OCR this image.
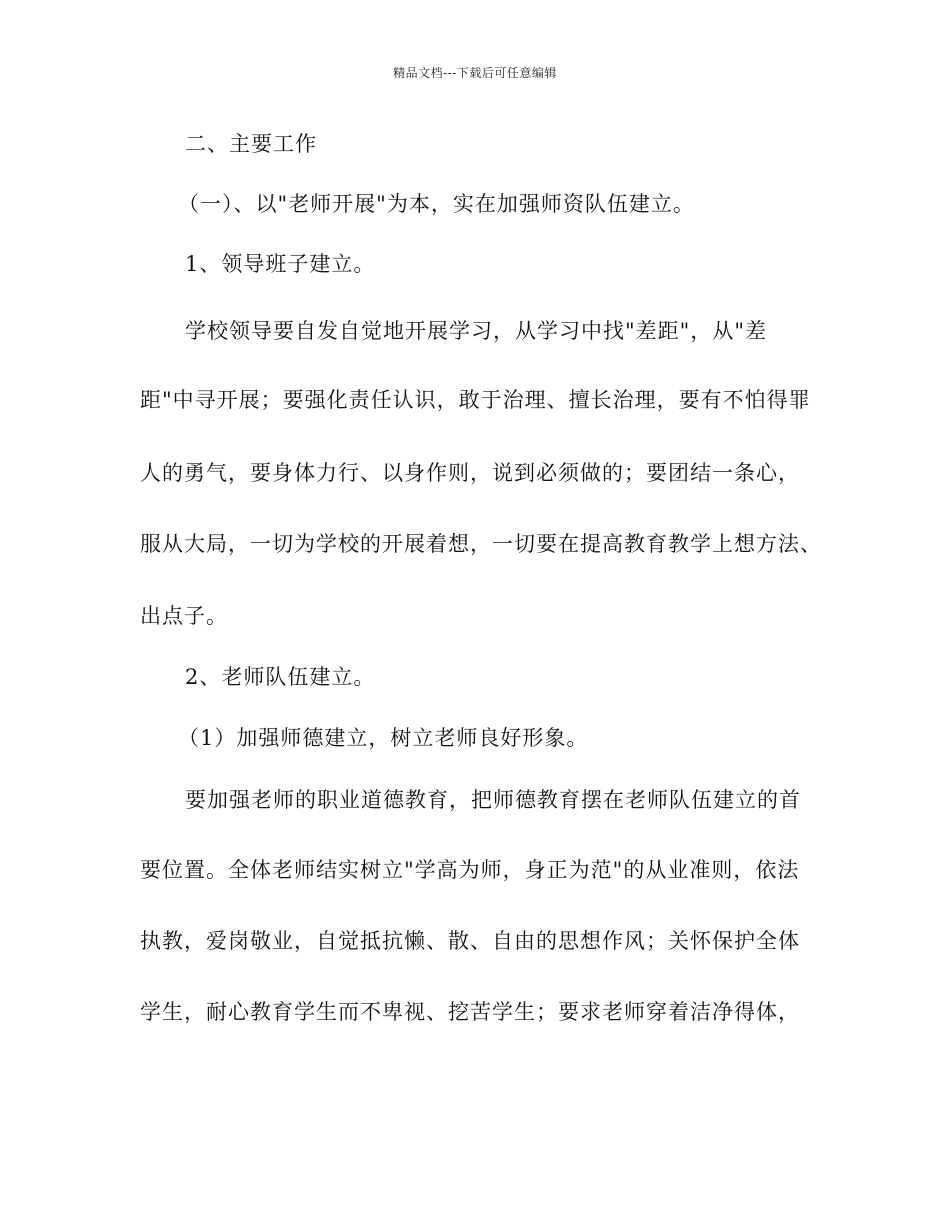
精品文档---下载后可任意编辑
二、主要工作
（一）、以"老师开展"为本，实在加强师资队伍建立。
1、领导班子建立。
学校领导要自发自觉地开展学习，从学习中找"差距"，从"差
距"中寻开展；要强化责任认识，敢于治理、擅长治理，要有不怕得罪
人的勇气，要身体力行、以身作则，说到必须做的；要团结一条心，
服从大局，一切为学校的开展着想，一切要在提高教育教学上想方法、
出点子。
2、老师队伍建立。
（1）加强师德建立，树立老师良好形象。
要加强老师的职业道德教育，把师德教育摆在老师队伍建立的首
要位置。全体老师结实树立"学高为师，身正为范"的从业准则，依法
执教，爱岗敬业，自觉抵抗懒、散、自由的思想作风；关怀保护全体
学生，耐心教育学生而不卑视、挖苦学生；要求老师穿着洁净得体，
